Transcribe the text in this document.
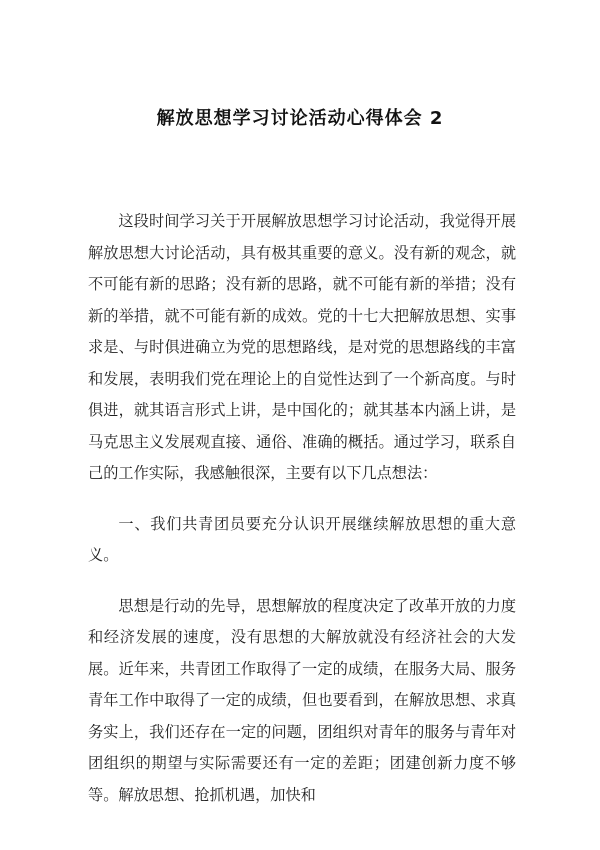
解放思想学习讨论活动心得体会 2

这段时间学习关于开展解放思想学习讨论活动，我觉得开展解放思想大讨论活动，具有极其重要的意义。没有新的观念，就不可能有新的思路；没有新的思路，就不可能有新的举措；没有新的举措，就不可能有新的成效。党的十七大把解放思想、实事求是、与时俱进确立为党的思想路线，是对党的思想路线的丰富和发展，表明我们党在理论上的自觉性达到了一个新高度。与时俱进，就其语言形式上讲，是中国化的；就其基本内涵上讲，是马克思主义发展观直接、通俗、准确的概括。通过学习，联系自己的工作实际，我感触很深，主要有以下几点想法：

一、我们共青团员要充分认识开展继续解放思想的重大意义。

思想是行动的先导，思想解放的程度决定了改革开放的力度和经济发展的速度，没有思想的大解放就没有经济社会的大发展。近年来，共青团工作取得了一定的成绩，在服务大局、服务青年工作中取得了一定的成绩，但也要看到，在解放思想、求真务实上，我们还存在一定的问题，团组织对青年的服务与青年对团组织的期望与实际需要还有一定的差距；团建创新力度不够等。解放思想、抢抓机遇，加快和
